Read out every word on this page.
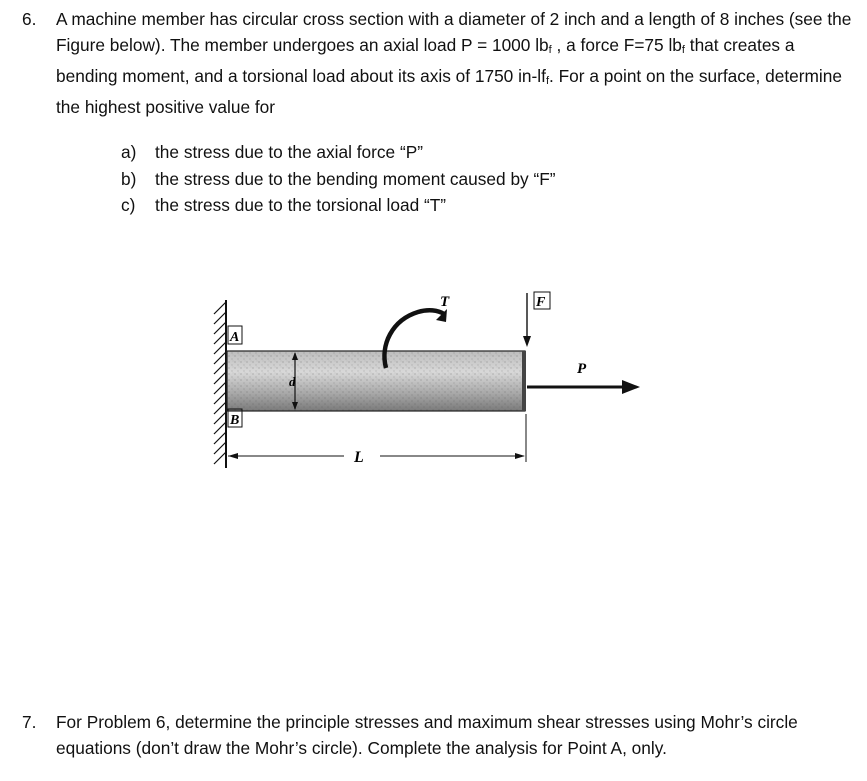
6.	A machine member has circular cross section with a diameter of 2 inch and a length of 8 inches (see the Figure below). The member undergoes an axial load P = 1000 lbf , a force F=75 lbf that creates a bending moment, and a torsional load about its axis of 1750 in-lff. For a point on the surface, determine the highest positive value for
a)	the stress due to the axial force “P”
b)	the stress due to the bending moment caused by “F”
c)	the stress due to the torsional load “T”
A
B
d
L
T	F
P
7.	For Problem 6, determine the principle stresses and maximum shear stresses using Mohr’s circle equations (don’t draw the Mohr’s circle). Complete the analysis for Point A, only.
